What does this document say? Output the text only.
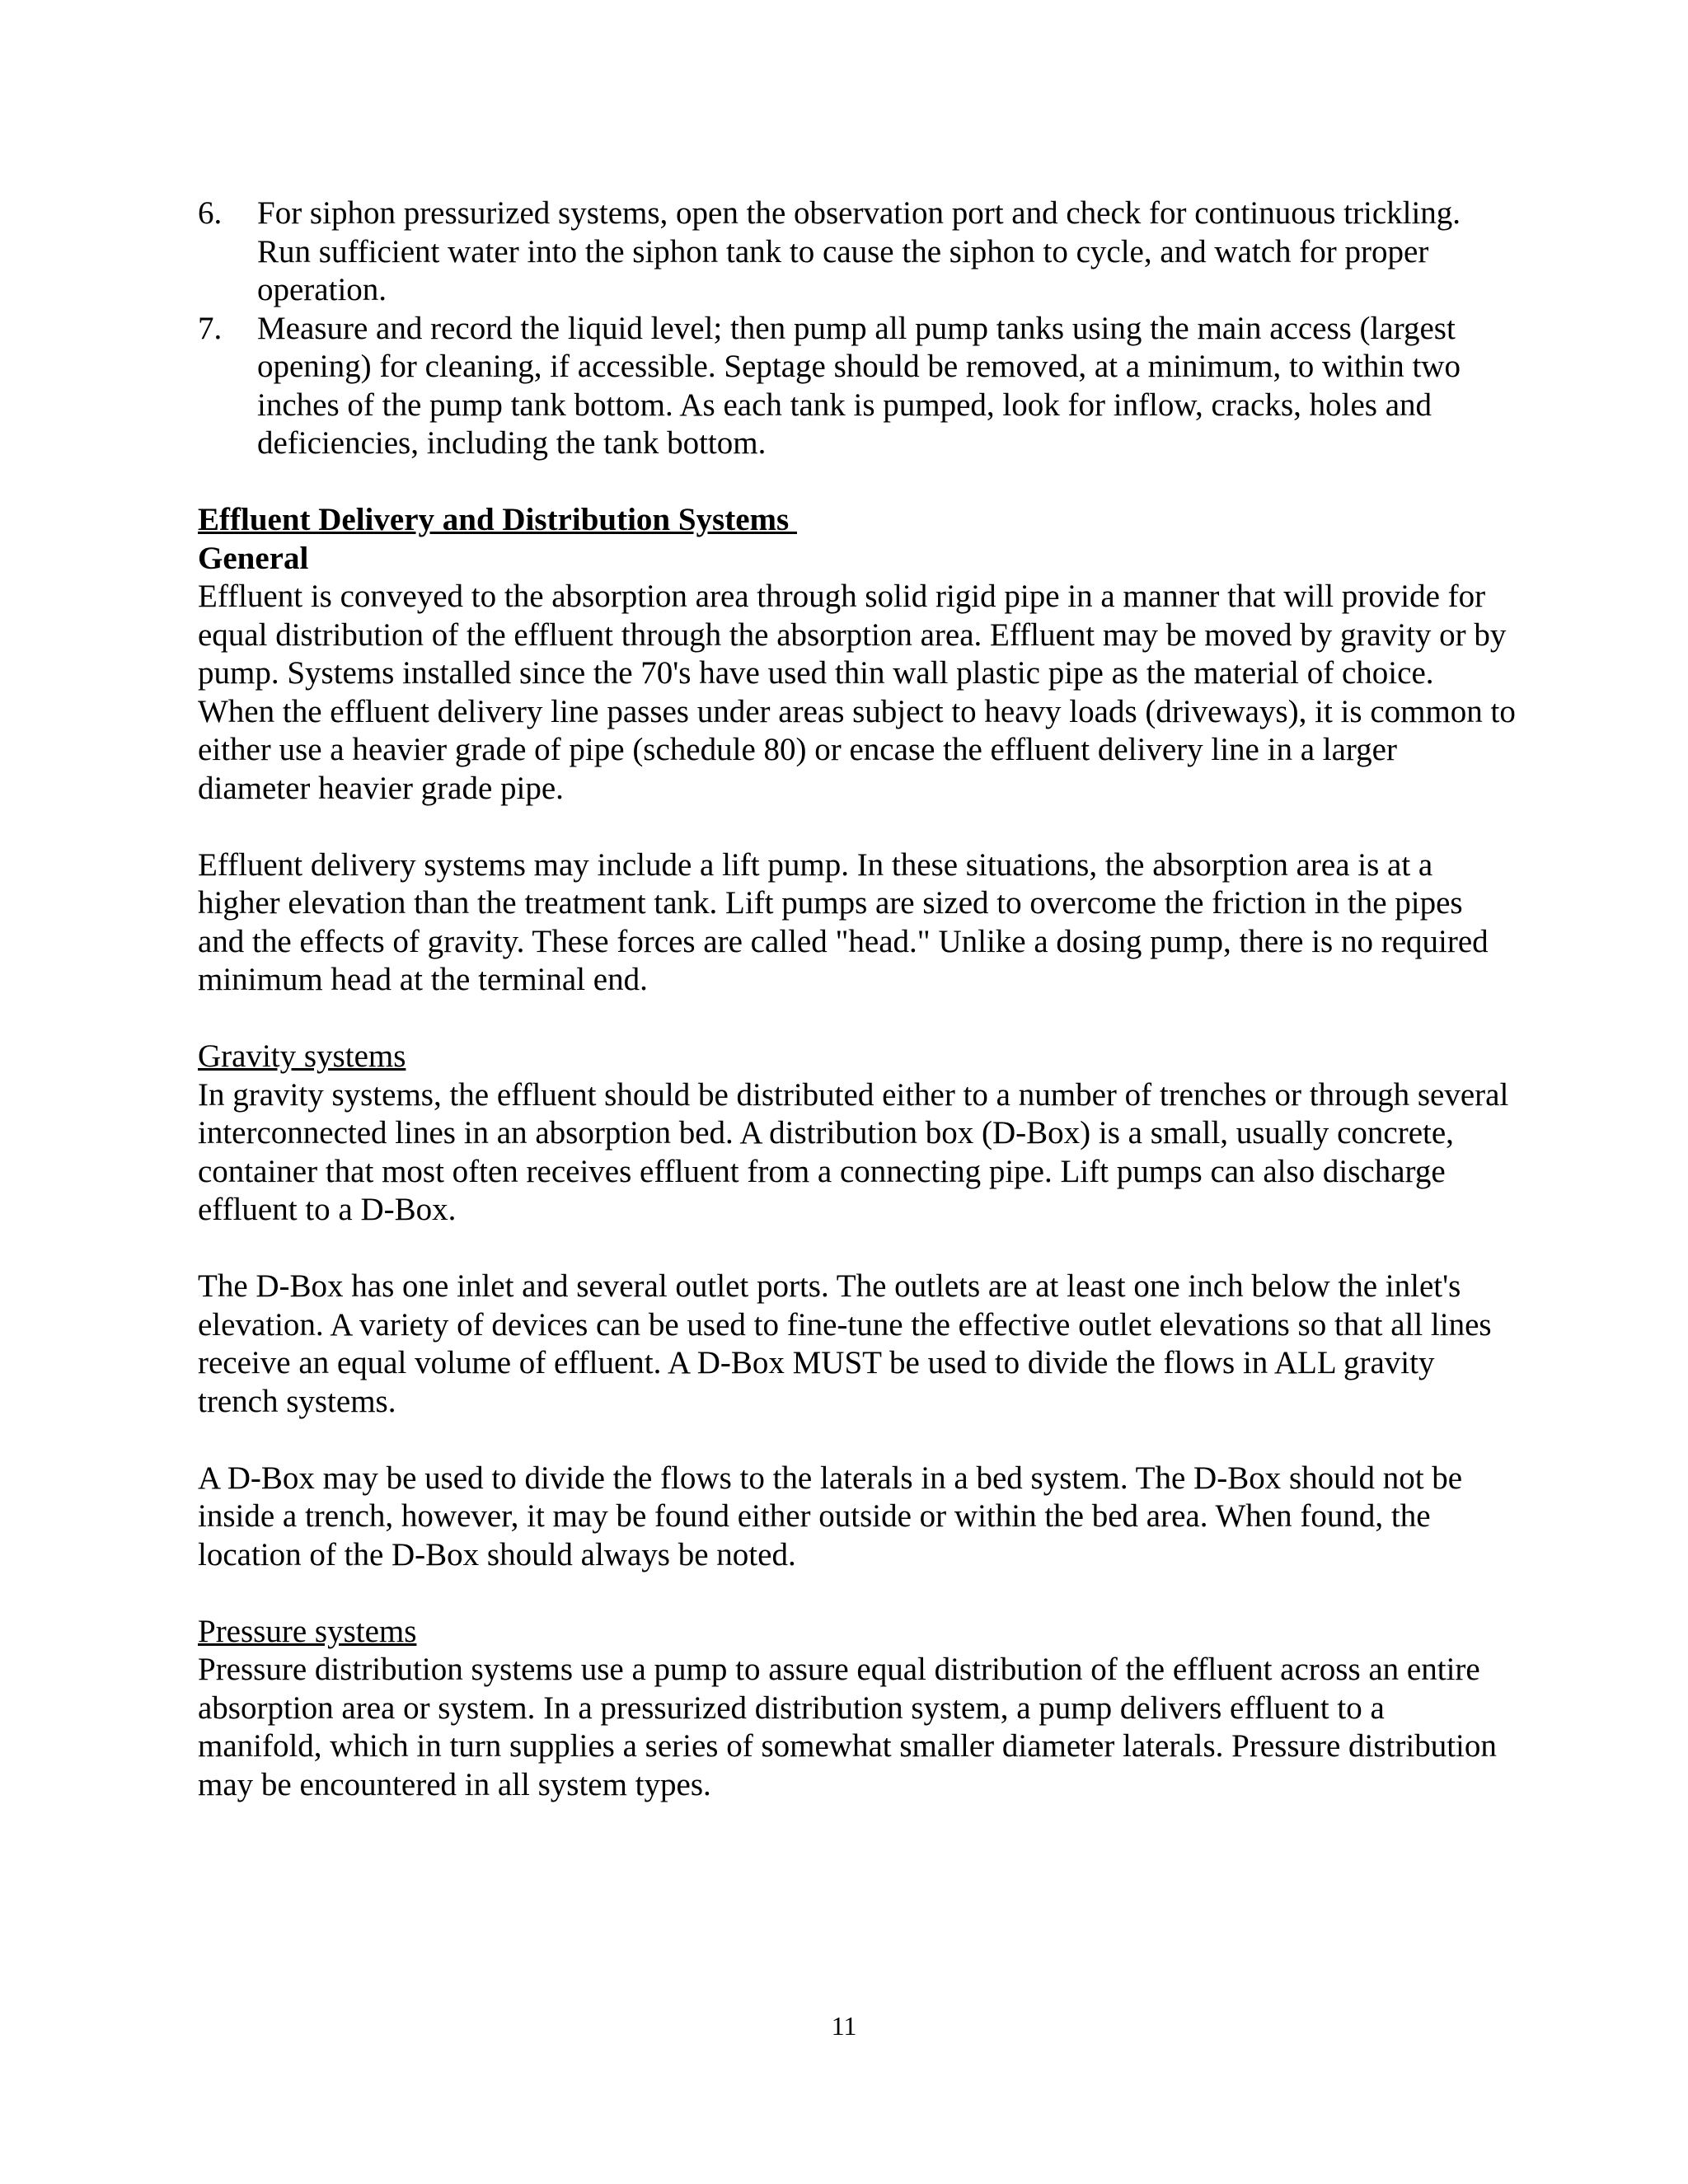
6. For siphon pressurized systems, open the observation port and check for continuous trickling. Run sufficient water into the siphon tank to cause the siphon to cycle, and watch for proper operation.
7. Measure and record the liquid level; then pump all pump tanks using the main access (largest opening) for cleaning, if accessible. Septage should be removed, at a minimum, to within two inches of the pump tank bottom. As each tank is pumped, look for inflow, cracks, holes and deficiencies, including the tank bottom.
Effluent Delivery and Distribution Systems
General

Effluent is conveyed to the absorption area through solid rigid pipe in a manner that will provide for equal distribution of the effluent through the absorption area. Effluent may be moved by gravity or by pump. Systems installed since the 70's have used thin wall plastic pipe as the material of choice. When the effluent delivery line passes under areas subject to heavy loads (driveways), it is common to either use a heavier grade of pipe (schedule 80) or encase the effluent delivery line in a larger diameter heavier grade pipe.

Effluent delivery systems may include a lift pump. In these situations, the absorption area is at a higher elevation than the treatment tank. Lift pumps are sized to overcome the friction in the pipes and the effects of gravity. These forces are called "head." Unlike a dosing pump, there is no required minimum head at the terminal end.

Gravity systems

In gravity systems, the effluent should be distributed either to a number of trenches or through several interconnected lines in an absorption bed. A distribution box (D-Box) is a small, usually concrete, container that most often receives effluent from a connecting pipe. Lift pumps can also discharge effluent to a D-Box.

The D-Box has one inlet and several outlet ports. The outlets are at least one inch below the inlet's elevation. A variety of devices can be used to fine-tune the effective outlet elevations so that all lines receive an equal volume of effluent. A D-Box MUST be used to divide the flows in ALL gravity trench systems.

A D-Box may be used to divide the flows to the laterals in a bed system. The D-Box should not be inside a trench, however, it may be found either outside or within the bed area. When found, the location of the D-Box should always be noted.

Pressure systems

Pressure distribution systems use a pump to assure equal distribution of the effluent across an entire absorption area or system. In a pressurized distribution system, a pump delivers effluent to a manifold, which in turn supplies a series of somewhat smaller diameter laterals. Pressure distribution may be encountered in all system types.

11
